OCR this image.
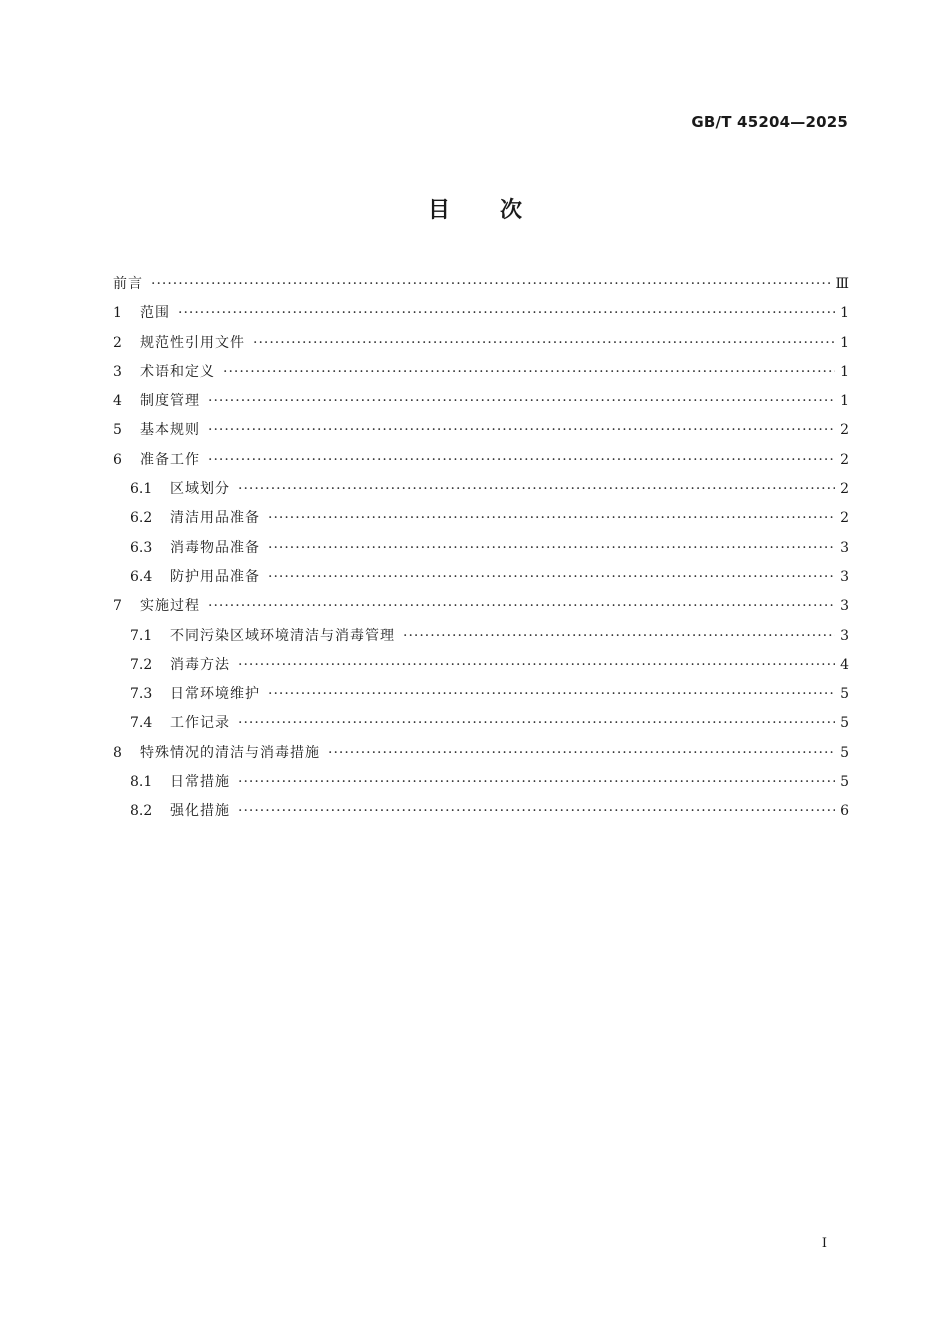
GB/T 45204—2025
目次
前言 ·····	Ⅲ
1	范围 ·····	1
2	规范性引用文件 ·····	1
3	术语和定义 ·····	1
4	制度管理 ·····	1
5	基本规则 ·····	2
6	准备工作 ·····	2
6.1	区域划分 ·····	2
6.2	清洁用品准备 ·····	2
6.3	消毒物品准备 ·····	3
6.4	防护用品准备 ·····	3
7	实施过程 ·····	3
7.1	不同污染区域环境清洁与消毒管理 ·····	3
7.2	消毒方法 ·····	4
7.3	日常环境维护 ·····	5
7.4	工作记录 ·····	5
8	特殊情况的清洁与消毒措施 ·····	5
8.1	日常措施 ·····	5
8.2	强化措施 ·····	6
I
